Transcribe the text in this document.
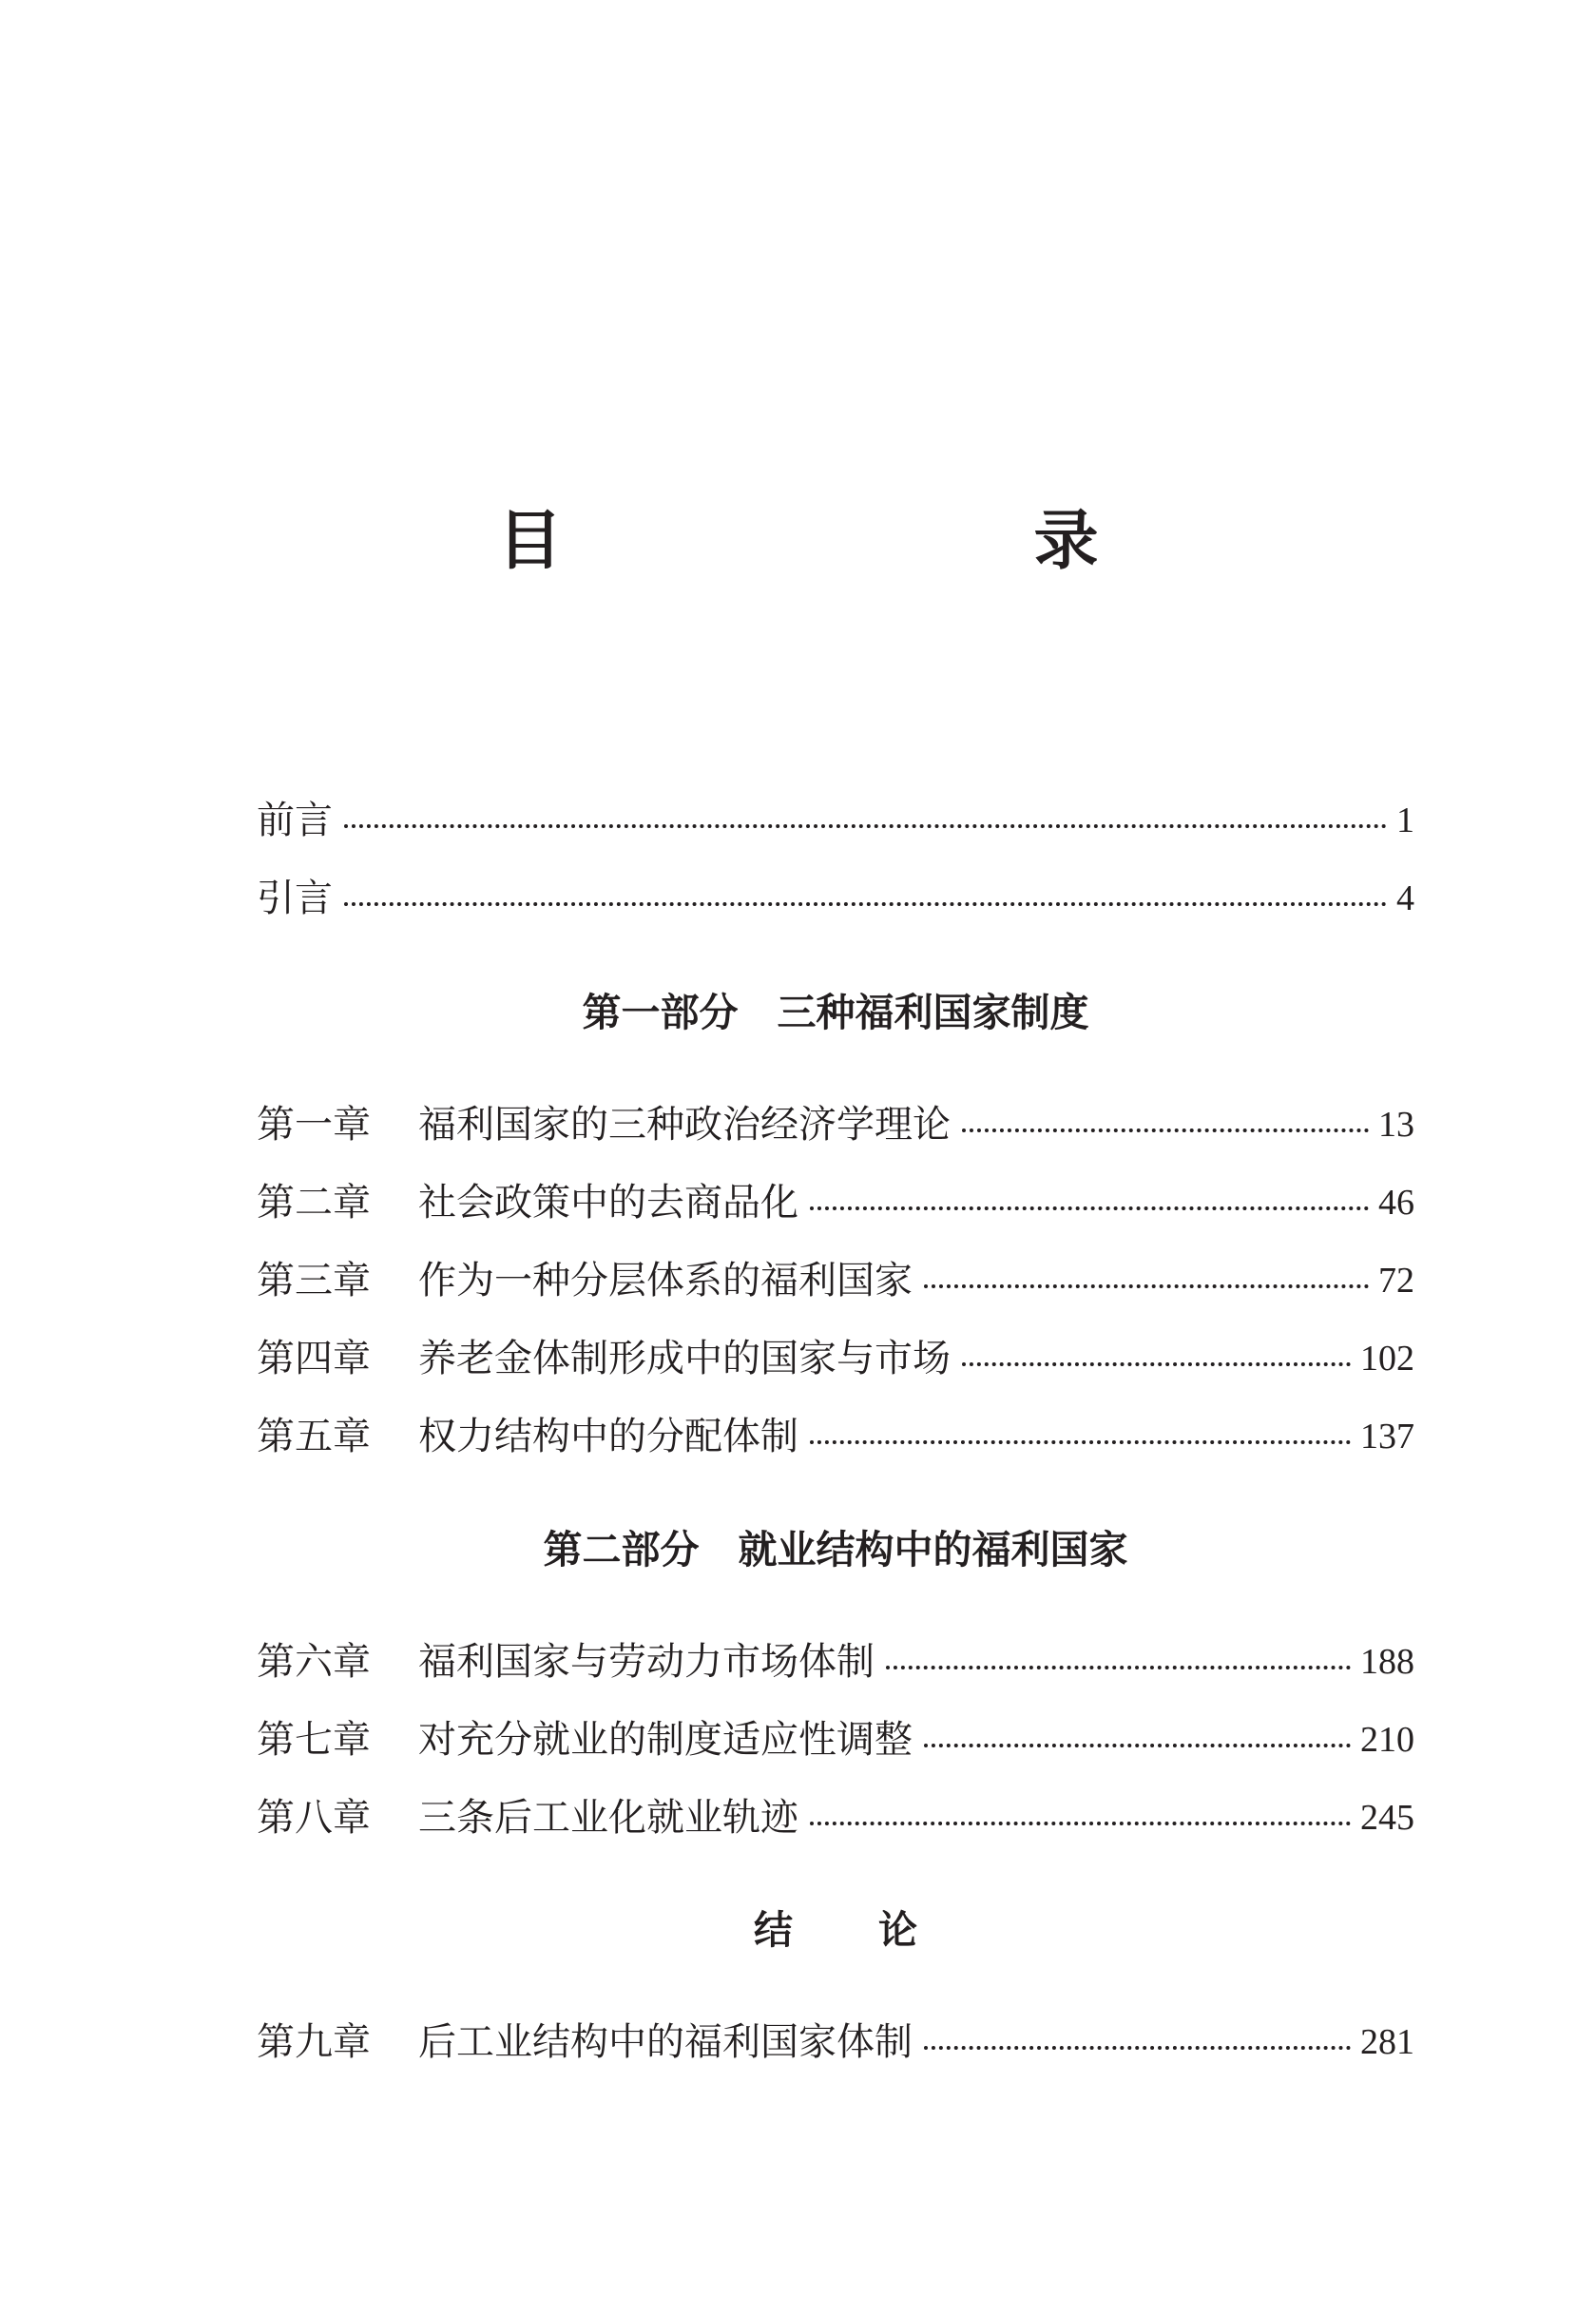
目　　录
前言	1
引言	4
第一部分　三种福利国家制度
第一章	福利国家的三种政治经济学理论	13
第二章	社会政策中的去商品化	46
第三章	作为一种分层体系的福利国家	72
第四章	养老金体制形成中的国家与市场	102
第五章	权力结构中的分配体制	137
第二部分　就业结构中的福利国家
第六章	福利国家与劳动力市场体制	188
第七章	对充分就业的制度适应性调整	210
第八章	三条后工业化就业轨迹	245
结论
第九章	后工业结构中的福利国家体制	281
